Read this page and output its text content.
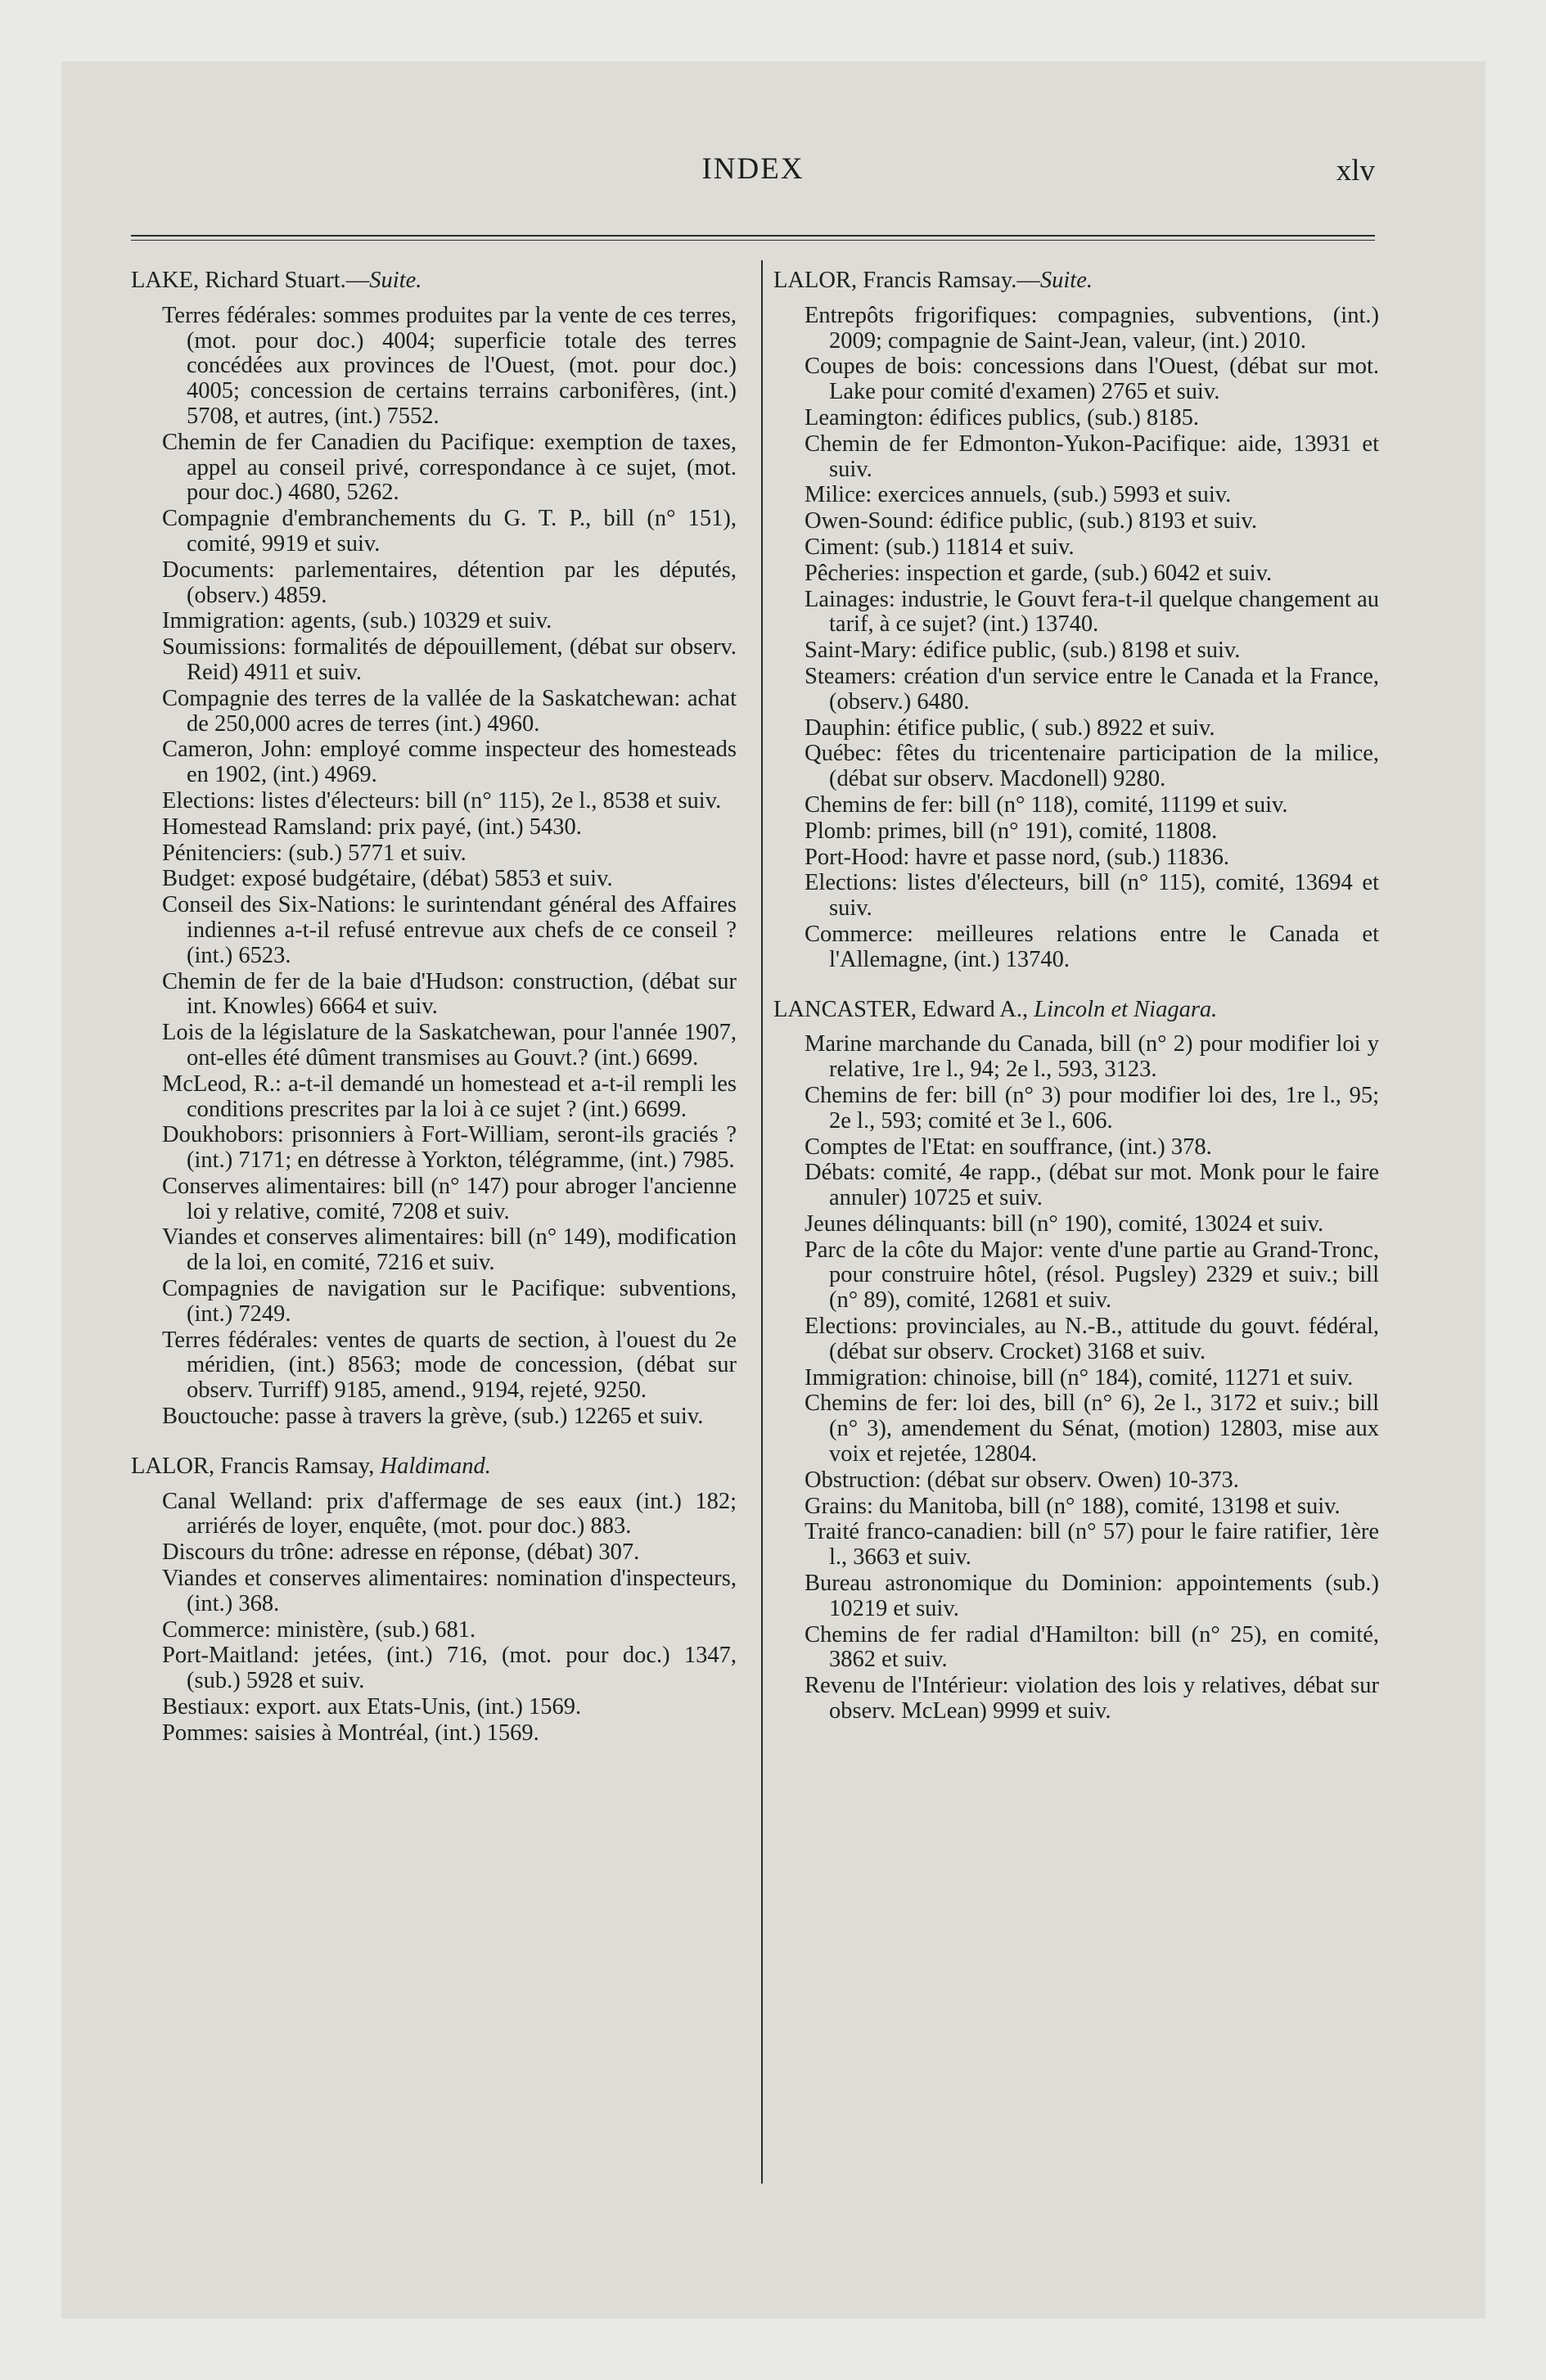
INDEX	xlv
LAKE, Richard Stuart.—Suite.
Terres fédérales: sommes produites par la vente de ces terres, (mot. pour doc.) 4004; superficie totale des terres concédées aux provinces de l'Ouest, (mot. pour doc.) 4005; concession de certains terrains carbonifères, (int.) 5708, et autres, (int.) 7552.
Chemin de fer Canadien du Pacifique: exemption de taxes, appel au conseil privé, correspondance à ce sujet, (mot. pour doc.) 4680, 5262.
Compagnie d'embranchements du G. T. P., bill (n° 151), comité, 9919 et suiv.
Documents: parlementaires, détention par les députés, (observ.) 4859.
Immigration: agents, (sub.) 10329 et suiv.
Soumissions: formalités de dépouillement, (débat sur observ. Reid) 4911 et suiv.
Compagnie des terres de la vallée de la Saskatchewan: achat de 250,000 acres de terres (int.) 4960.
Cameron, John: employé comme inspecteur des homesteads en 1902, (int.) 4969.
Elections: listes d'électeurs: bill (n° 115), 2e l., 8538 et suiv.
Homestead Ramsland: prix payé, (int.) 5430.
Pénitenciers: (sub.) 5771 et suiv.
Budget: exposé budgétaire, (débat) 5853 et suiv.
Conseil des Six-Nations: le surintendant général des Affaires indiennes a-t-il refusé entrevue aux chefs de ce conseil ? (int.) 6523.
Chemin de fer de la baie d'Hudson: construction, (débat sur int. Knowles) 6664 et suiv.
Lois de la législature de la Saskatchewan, pour l'année 1907, ont-elles été dûment transmises au Gouvt.? (int.) 6699.
McLeod, R.: a-t-il demandé un homestead et a-t-il rempli les conditions prescrites par la loi à ce sujet ? (int.) 6699.
Doukhobors: prisonniers à Fort-William, seront-ils graciés ? (int.) 7171; en détresse à Yorkton, télégramme, (int.) 7985.
Conserves alimentaires: bill (n° 147) pour abroger l'ancienne loi y relative, comité, 7208 et suiv.
Viandes et conserves alimentaires: bill (n° 149), modification de la loi, en comité, 7216 et suiv.
Compagnies de navigation sur le Pacifique: subventions, (int.) 7249.
Terres fédérales: ventes de quarts de section, à l'ouest du 2e méridien, (int.) 8563; mode de concession, (débat sur observ. Turriff) 9185, amend., 9194, rejeté, 9250.
Bouctouche: passe à travers la grève, (sub.) 12265 et suiv.
LALOR, Francis Ramsay, Haldimand.
Canal Welland: prix d'affermage de ses eaux (int.) 182; arriérés de loyer, enquête, (mot. pour doc.) 883.
Discours du trône: adresse en réponse, (débat) 307.
Viandes et conserves alimentaires: nomination d'inspecteurs, (int.) 368.
Commerce: ministère, (sub.) 681.
Port-Maitland: jetées, (int.) 716, (mot. pour doc.) 1347, (sub.) 5928 et suiv.
Bestiaux: export. aux Etats-Unis, (int.) 1569.
Pommes: saisies à Montréal, (int.) 1569.
LALOR, Francis Ramsay.—Suite.
Entrepôts frigorifiques: compagnies, subventions, (int.) 2009; compagnie de Saint-Jean, valeur, (int.) 2010.
Coupes de bois: concessions dans l'Ouest, (débat sur mot. Lake pour comité d'examen) 2765 et suiv.
Leamington: édifices publics, (sub.) 8185.
Chemin de fer Edmonton-Yukon-Pacifique: aide, 13931 et suiv.
Milice: exercices annuels, (sub.) 5993 et suiv.
Owen-Sound: édifice public, (sub.) 8193 et suiv.
Ciment: (sub.) 11814 et suiv.
Pêcheries: inspection et garde, (sub.) 6042 et suiv.
Lainages: industrie, le Gouvt fera-t-il quelque changement au tarif, à ce sujet? (int.) 13740.
Saint-Mary: édifice public, (sub.) 8198 et suiv.
Steamers: création d'un service entre le Canada et la France, (observ.) 6480.
Dauphin: étifice public, ( sub.) 8922 et suiv.
Québec: fêtes du tricentenaire participation de la milice, (débat sur observ. Macdonell) 9280.
Chemins de fer: bill (n° 118), comité, 11199 et suiv.
Plomb: primes, bill (n° 191), comité, 11808.
Port-Hood: havre et passe nord, (sub.) 11836.
Elections: listes d'électeurs, bill (n° 115), comité, 13694 et suiv.
Commerce: meilleures relations entre le Canada et l'Allemagne, (int.) 13740.
LANCASTER, Edward A., Lincoln et Niagara.
Marine marchande du Canada, bill (n° 2) pour modifier loi y relative, 1re l., 94; 2e l., 593, 3123.
Chemins de fer: bill (n° 3) pour modifier loi des, 1re l., 95; 2e l., 593; comité et 3e l., 606.
Comptes de l'Etat: en souffrance, (int.) 378.
Débats: comité, 4e rapp., (débat sur mot. Monk pour le faire annuler) 10725 et suiv.
Jeunes délinquants: bill (n° 190), comité, 13024 et suiv.
Parc de la côte du Major: vente d'une partie au Grand-Tronc, pour construire hôtel, (résol. Pugsley) 2329 et suiv.; bill (n° 89), comité, 12681 et suiv.
Elections: provinciales, au N.-B., attitude du gouvt. fédéral, (débat sur observ. Crocket) 3168 et suiv.
Immigration: chinoise, bill (n° 184), comité, 11271 et suiv.
Chemins de fer: loi des, bill (n° 6), 2e l., 3172 et suiv.; bill (n° 3), amendement du Sénat, (motion) 12803, mise aux voix et rejetée, 12804.
Obstruction: (débat sur observ. Owen) 10-373.
Grains: du Manitoba, bill (n° 188), comité, 13198 et suiv.
Traité franco-canadien: bill (n° 57) pour le faire ratifier, 1ère l., 3663 et suiv.
Bureau astronomique du Dominion: appointements (sub.) 10219 et suiv.
Chemins de fer radial d'Hamilton: bill (n° 25), en comité, 3862 et suiv.
Revenu de l'Intérieur: violation des lois y relatives, débat sur observ. McLean) 9999 et suiv.
